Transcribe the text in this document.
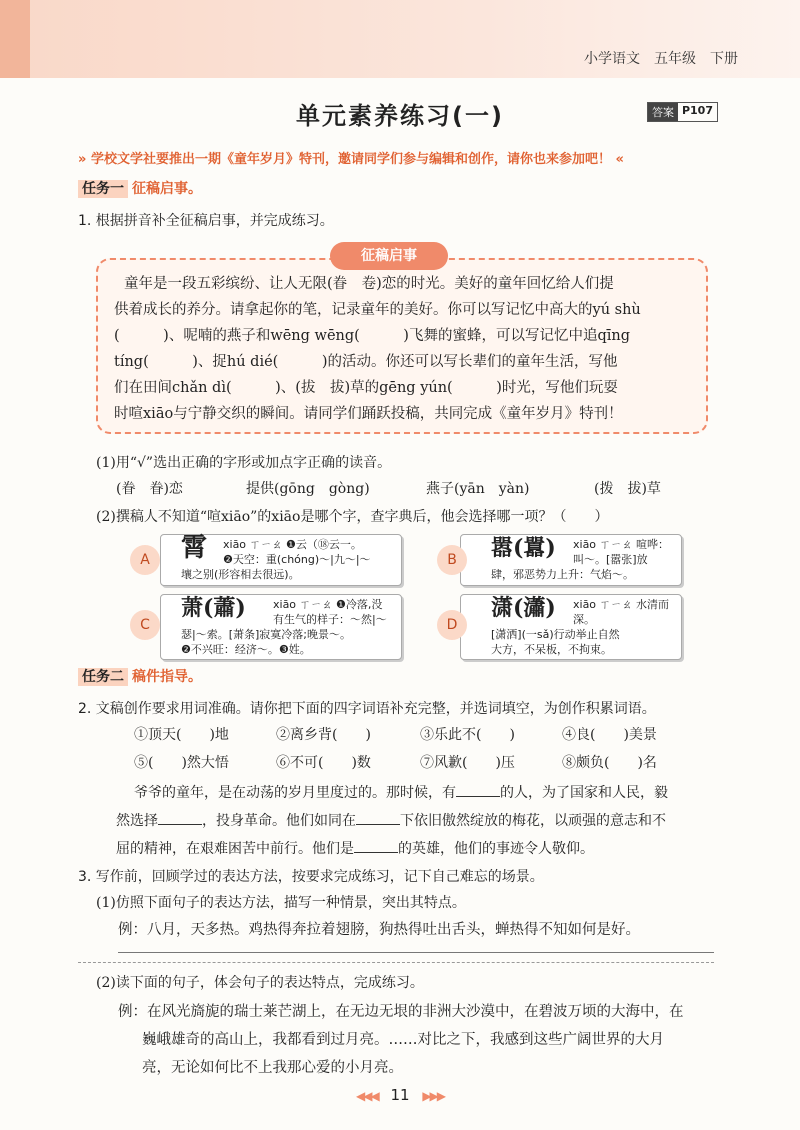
小学语文　五年级　下册
单元素养练习(一)	答案 P107
» 学校文学社要推出一期《童年岁月》特刊，邀请同学们参与编辑和创作，请你也来参加吧！ «
任务一 征稿启事。
1. 根据拼音补全征稿启事，并完成练习。
征稿启事
童年是一段五彩缤纷、让人无限(眷　卷)恋的时光。美好的童年回忆给人们提
供着成长的养分。请拿起你的笔，记录童年的美好。你可以写记忆中高大的yú shù
(　　　)、呢喃的燕子和wēng wēng(　　　)飞舞的蜜蜂，可以写记忆中追qīng
tíng(　　　)、捉hú dié(　　　)的活动。你还可以写长辈们的童年生活，写他
们在田间chǎn dì(　　　)、(拔　拔)草的gēng yún(　　　)时光，写他们玩耍
时喧xiāo与宁静交织的瞬间。请同学们踊跃投稿，共同完成《童年岁月》特刊！
(1)用“√”选出正确的字形或加点字正确的读音。
(眷　眷)恋	提供(gōng　gòng)	燕子(yān　yàn)	(拨　拔)草
(2)撰稿人不知道“喧xiāo”的xiāo是哪个字，查字典后，他会选择哪一项？（　　）
霄 xiāo ㄒㄧㄠ ❶云（⑱云一。
❷天空：重(chóng)～|九～|～
壤之别(形容相去很远)。
A	嚣(囂) xiāo ㄒㄧㄠ 喧哗：
叫～。[嚣张]放
肆，邪恶势力上升：气焰～。
B
萧(蕭) xiāo ㄒㄧㄠ ❶冷落,没
有生气的样子：～然|～
瑟|～索。[萧条]寂寞冷落;晚景～。
❷不兴旺：经济～。❸姓。
C
潇(瀟) xiāo ㄒㄧㄠ 水清而
深。
[潇洒](一sǎ)行动举止自然
大方，不呆板，不拘束。
D
任务二 稿件指导。
2. 文稿创作要求用词准确。请你把下面的四字词语补充完整，并选词填空，为创作积累词语。
①顶天(　　)地	②离乡背(　　)	③乐此不(　　)	④良(　　)美景
⑤(　　)然大悟	⑥不可(　　)数	⑦风歉(　　)压	⑧颇负(　　)名
爷爷的童年，是在动荡的岁月里度过的。那时候，有	的人，为了国家和人民，毅
然选择	，投身革命。他们如同在	下依旧傲然绽放的梅花，以顽强的意志和不
屈的精神，在艰难困苦中前行。他们是	的英雄，他们的事迹令人敬仰。
3. 写作前，回顾学过的表达方法，按要求完成练习，记下自己难忘的场景。
(1)仿照下面句子的表达方法，描写一种情景，突出其特点。
例：八月，天多热。鸡热得奔拉着翅膀，狗热得吐出舌头，蝉热得不知如何是好。
(2)读下面的句子，体会句子的表达特点，完成练习。
例：在风光旖旎的瑞士莱芒湖上，在无边无垠的非洲大沙漠中，在碧波万顷的大海中，在
巍峨雄奇的高山上，我都看到过月亮。……对比之下，我感到这些广阔世界的大月
亮，无论如何比不上我那心爱的小月亮。
◀◀◀ 11 ▶▶▶
